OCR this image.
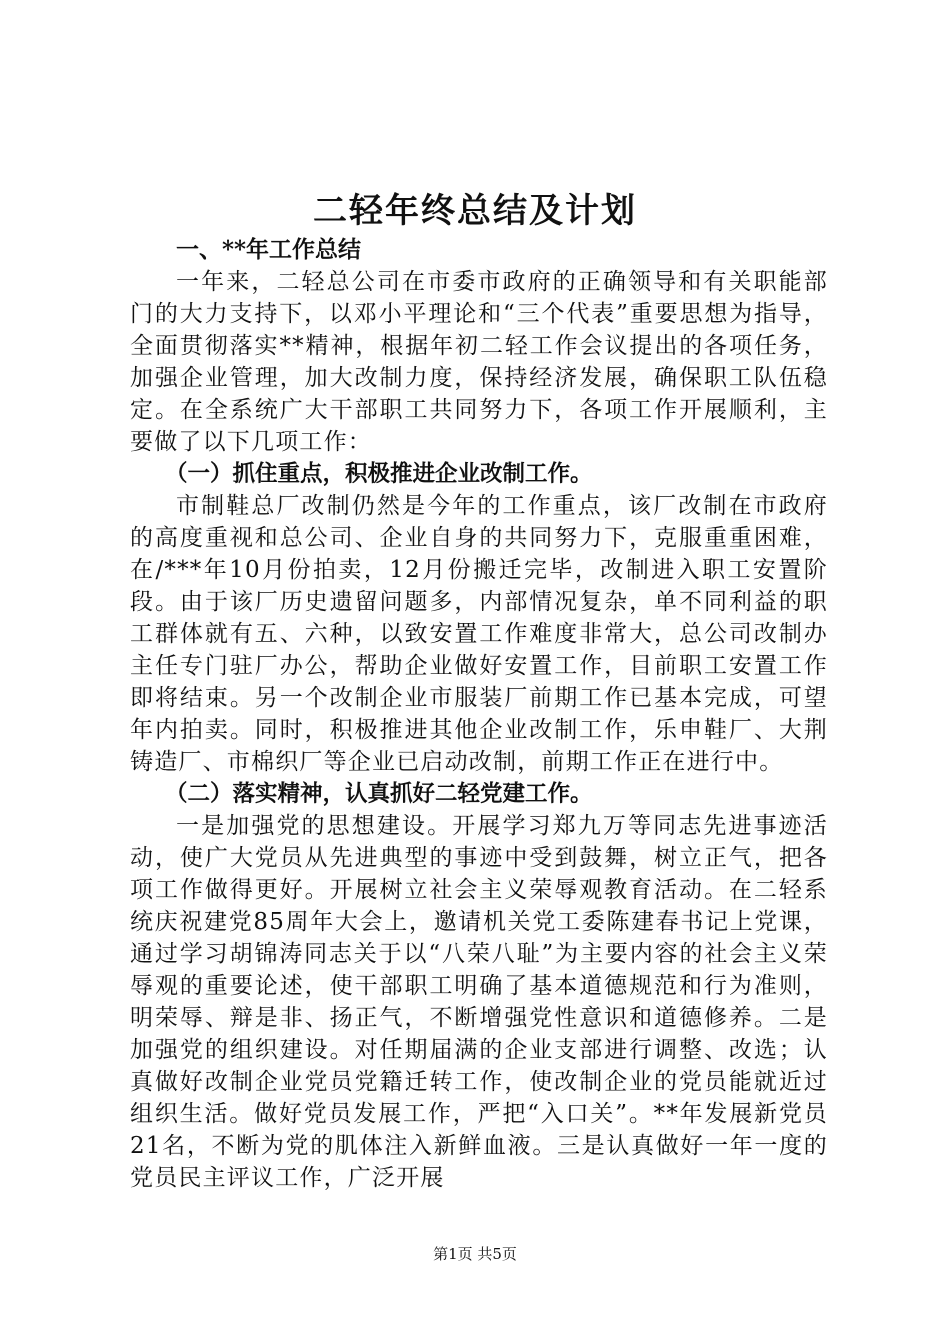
二轻年终总结及计划
一、**年工作总结

一年来，二轻总公司在市委市政府的正确领导和有关职能部门的大力支持下，以邓小平理论和“三个代表”重要思想为指导，全面贯彻落实**精神，根据年初二轻工作会议提出的各项任务，加强企业管理，加大改制力度，保持经济发展，确保职工队伍稳定。在全系统广大干部职工共同努力下，各项工作开展顺利，主要做了以下几项工作：

（一）抓住重点，积极推进企业改制工作。

市制鞋总厂改制仍然是今年的工作重点，该厂改制在市政府的高度重视和总公司、企业自身的共同努力下，克服重重困难，在/***年10月份拍卖，12月份搬迁完毕，改制进入职工安置阶段。由于该厂历史遗留问题多，内部情况复杂，单不同利益的职工群体就有五、六种，以致安置工作难度非常大，总公司改制办主任专门驻厂办公，帮助企业做好安置工作，目前职工安置工作即将结束。另一个改制企业市服装厂前期工作已基本完成，可望年内拍卖。同时，积极推进其他企业改制工作，乐申鞋厂、大荆铸造厂、市棉织厂等企业已启动改制，前期工作正在进行中。

（二）落实精神，认真抓好二轻党建工作。

一是加强党的思想建设。开展学习郑九万等同志先进事迹活动，使广大党员从先进典型的事迹中受到鼓舞，树立正气，把各项工作做得更好。开展树立社会主义荣辱观教育活动。在二轻系统庆祝建党85周年大会上，邀请机关党工委陈建春书记上党课，通过学习胡锦涛同志关于以“八荣八耻”为主要内容的社会主义荣辱观的重要论述，使干部职工明确了基本道德规范和行为准则，明荣辱、辩是非、扬正气，不断增强党性意识和道德修养。二是加强党的组织建设。对任期届满的企业支部进行调整、改选；认真做好改制企业党员党籍迁转工作，使改制企业的党员能就近过组织生活。做好党员发展工作，严把“入口关”。**年发展新党员21名，不断为党的肌体注入新鲜血液。三是认真做好一年一度的党员民主评议工作，广泛开展

第1页 共5页
